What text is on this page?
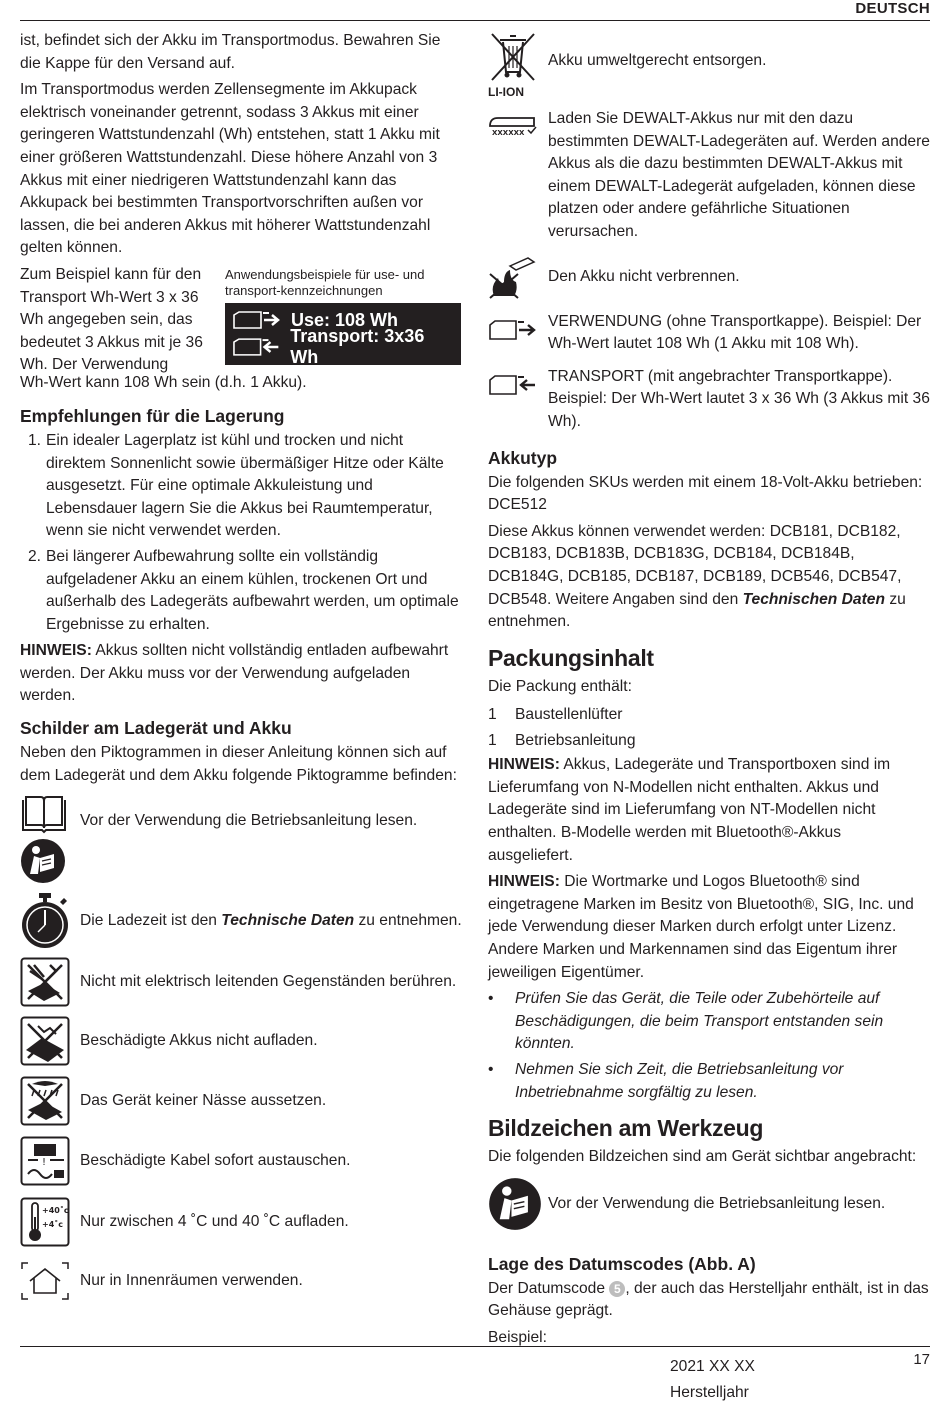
DEUTSCH

ist, befindet sich der Akku im Transportmodus. Bewahren Sie die Kappe für den Versand auf.

Im Transportmodus werden Zellensegmente im Akkupack elektrisch voneinander getrennt, sodass 3 Akkus mit einer geringeren Wattstundenzahl (Wh) entstehen, statt 1 Akku mit einer größeren Wattstundenzahl. Diese höhere Anzahl von 3 Akkus mit einer niedrigeren Wattstundenzahl kann das Akkupack bei bestimmten Transportvorschriften außen vor lassen, die bei anderen Akkus mit höherer Wattstundenzahl gelten können.

Zum Beispiel kann für den Transport Wh-Wert 3 x 36 Wh angegeben sein, das bedeutet 3 Akkus mit je 36 Wh. Der Verwendung

Anwendungsbeispiele für use- und transport-kennzeichnungen
Use: 108 Wh
Transport: 3x36 Wh

Wh-Wert kann 108 Wh sein (d.h. 1 Akku).

Empfehlungen für die Lagerung
1. Ein idealer Lagerplatz ist kühl und trocken und nicht direktem Sonnenlicht sowie übermäßiger Hitze oder Kälte ausgesetzt. Für eine optimale Akkuleistung und Lebensdauer lagern Sie die Akkus bei Raumtemperatur, wenn sie nicht verwendet werden.
2. Bei längerer Aufbewahrung sollte ein vollständig aufgeladener Akku an einem kühlen, trockenen Ort und außerhalb des Ladegeräts aufbewahrt werden, um optimale Ergebnisse zu erhalten.

HINWEIS: Akkus sollten nicht vollständig entladen aufbewahrt werden. Der Akku muss vor der Verwendung aufgeladen werden.

Schilder am Ladegerät und Akku

Neben den Piktogrammen in dieser Anleitung können sich auf dem Ladegerät und dem Akku folgende Piktogramme befinden:

Vor der Verwendung die Betriebsanleitung lesen.

Die Ladezeit ist den Technische Daten zu entnehmen.

Nicht mit elektrisch leitenden Gegenständen berühren.

Beschädigte Akkus nicht aufladen.

Das Gerät keiner Nässe aussetzen.

! Beschädigte Kabel sofort austauschen.

+40˚c
+4˚c Nur zwischen 4 ˚C und 40 ˚C aufladen.

Nur in Innenräumen verwenden.

LI-ION

Akku umweltgerecht entsorgen.

XXXXXX

Laden Sie DEWALT-Akkus nur mit den dazu bestimmten DEWALT-Ladegeräten auf. Werden andere Akkus als die dazu bestimmten DEWALT-Akkus mit einem DEWALT-Ladegerät aufgeladen, können diese platzen oder andere gefährliche Situationen verursachen.

Den Akku nicht verbrennen.

VERWENDUNG (ohne Transportkappe). Beispiel: Der Wh-Wert lautet 108 Wh (1 Akku mit 108 Wh).

TRANSPORT (mit angebrachter Transportkappe). Beispiel: Der Wh-Wert lautet 3 x 36 Wh (3 Akkus mit 36 Wh).

Akkutyp

Die folgenden SKUs werden mit einem 18-Volt-Akku betrieben: DCE512

Diese Akkus können verwendet werden: DCB181, DCB182, DCB183, DCB183B, DCB183G, DCB184, DCB184B, DCB184G, DCB185, DCB187, DCB189, DCB546, DCB547, DCB548. Weitere Angaben sind den Technischen Daten zu entnehmen.

Packungsinhalt

Die Packung enthält:

1	Baustellenlüfter
1	Betriebsanleitung

HINWEIS: Akkus, Ladegeräte und Transportboxen sind im Lieferumfang von N-Modellen nicht enthalten. Akkus und Ladegeräte sind im Lieferumfang von NT-Modellen nicht enthalten. B-Modelle werden mit Bluetooth®-Akkus ausgeliefert.

HINWEIS: Die Wortmarke und Logos Bluetooth® sind eingetragene Marken im Besitz von Bluetooth®, SIG, Inc. und jede Verwendung dieser Marken durch erfolgt unter Lizenz. Andere Marken und Markennamen sind das Eigentum ihrer jeweiligen Eigentümer.

• Prüfen Sie das Gerät, die Teile oder Zubehörteile auf Beschädigungen, die beim Transport entstanden sein könnten.
• Nehmen Sie sich Zeit, die Betriebsanleitung vor Inbetriebnahme sorgfältig zu lesen.
Bildzeichen am Werkzeug

Die folgenden Bildzeichen sind am Gerät sichtbar angebracht:

Vor der Verwendung die Betriebsanleitung lesen.

Lage des Datumscodes (Abb. A)

Der Datumscode 5 , der auch das Herstelljahr enthält, ist in das Gehäuse geprägt.

Beispiel:

2021 XX XX

Herstelljahr

17
